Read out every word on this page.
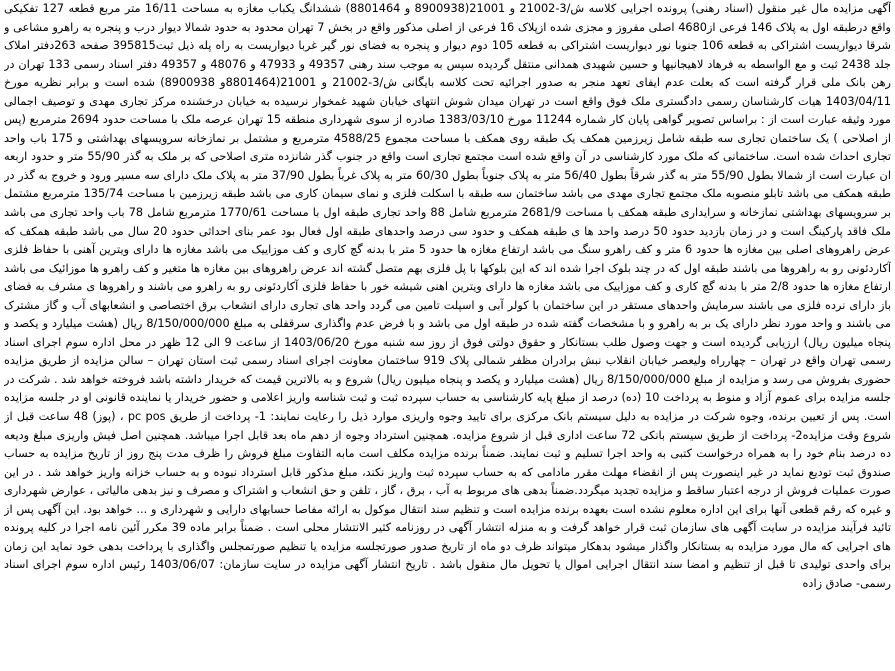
آگهی مزایده مال غیر منقول (اسناد رهنی) پرونده اجرایی کلاسه ش/3-21002 و 21001(8900938 و 8801464) ششدانگ یکباب مغازه به مساحت 16/11 متر مربع قطعه 127 تفکیکی واقع درطبقه اول به پلاک 146 فرعی از4680 اصلی مفروز و مجزی شده ازپلاک 16 فرعی از اصلی مذکور واقع در بخش 7 تهران محدود به حدود شمالا دیوار درب و پنجره به راهرو مشاعی و شرقا دیواریست اشتراکی به قطعه 106 جنوبا نور دیواریست اشتراکی به قطعه 105 دوم دیوار و پنجره به فضای نور گیر غربا دیواریست به راه پله ذیل ثبت395815 صفحه 263دفتر املاک جلد 2438 ثبت و مع الواسطه به فرهاد لاهیجانیها و حسین شهیدی همدانی منتقل گردیده سپس به موجب سند رهنی 49357 و 47933 و 48076 و 49357 دفتر اسناد رسمی 133 تهران در رهن بانک ملی قرار گرفته است که بعلت عدم ایفای تعهد منجر به صدور اجرائیه تحت کلاسه بایگانی ش/3-21002 و 21001(8801464و 8900938) شده است و برابر نظریه مورخ 1403/04/11 هیات کارشناسان رسمی دادگستری ملک فوق واقع است در تهران میدان شوش انتهای خیابان شهید غمخوار نرسیده به خیابان درخشنده مرکز تجاری مهدی و توصیف اجمالی مورد وثیقه عبارت است از : براساس تصویر گواهی پایان کار شماره 11244 مورخ 1383/03/10 صادره از سوی شهرداری منطقه 15 تهران عرصه ملک با مساحت حدود 2694 مترمربع (پس از اصلاحی ) یک ساختمان تجاری سه طبقه شامل زیرزمین همکف یک طبقه روی همکف با مساحت مجموع 4588/25 مترمربع و مشتمل بر نمازخانه سرویسهای بهداشتی و 175 باب واحد تجاری احداث شده است. ساختمانی که ملک مورد کارشناسی در آن واقع شده است مجتمع تجاری است واقع در جنوب گذر شانزده متری اصلاحی که بر ملک به گذر 55/90 متر و حدود اربعه ان عبارت است از شمالا بطول 55/90 متر به گذر شرقاً بطول 56/40 متر به پلاک جنوباً بطول 60/30 متر به پلاک غرباً بطول 37/90 متر به پلاک ملک دارای سه مسیر ورود و خروج به گذر در طبقه همکف می باشد تابلو منصوبه ملک مجتمع تجاری مهدی می باشد ساختمان سه طبقه با اسکلت فلزی و نمای سیمان کاری می باشد طبقه زیرزمین با مساحت 135/74 مترمربع مشتمل بر سرویسهای بهداشتی نمازخانه و سرایداری طبقه همکف با مساحت 2681/9 مترمربع شامل 88 واحد تجاری طبقه اول با مساحت 1770/61 مترمربع شامل 78 باب واحد تجاری می باشد ملک فاقد پارکینگ است و در زمان بازدید حدود 50 درصد واحد ها ی طبقه همکف و حدود سی درصد واحدهای طبقه اول فعال بود عمر بنای احداثی حدود 20 سال می باشد طبقه همکف که عرض راهروهای اصلی بین مغازه ها حدود 6 متر و کف راهرو سنگ می باشد ارتفاع مغازه ها حدود 5 متر با بدنه گچ کاری و کف موزاییک می باشد مغازه ها دارای ویترین آهنی با حفاظ فلزی آکاردئونی رو به راهروها می باشند طبقه اول که در چند بلوک اجرا شده اند که این بلوکها با پل فلزی بهم متصل گشته اند عرض راهروهای بین مغازه ها متغیر و کف راهرو ها موزائیک می باشد ارتفاع مغازه ها حدود 2/8 متر با بدنه گچ کاری و کف موزاییک می باشد مغازه ها دارای ویترین اهنی شیشه خور با حفاظ فلزی آکاردئونی رو به راهرو می باشند و راهروها ی مشرف به فضای باز دارای نرده فلزی می باشند سرمایش واحدهای مستقر در این ساختمان با کولر آبی و اسپلت تامین می گردد واحد های تجاری دارای انشعاب برق اختصاصی و انشعابهای آب و گاز مشترک می باشند و واحد مورد نظر دارای یک بر به راهرو و با مشخصات گفته شده در طبقه اول می باشد و با فرض عدم واگذاری سرقفلی به مبلغ 8/150/000/000 ریال (هشت میلیارد و یکصد و پنجاه میلیون ریال) ارزیابی گردیده است و جهت وصول طلب بستانکار و حقوق دولتی فوق از روز سه شنبه مورخ 1403/06/20 از ساعت 9 الی 12 ظهر در محل اداره سوم اجرای اسناد رسمی تهران واقع در تهران – چهارراه ولیعصر خیابان انقلاب نبش برادران مظفر شمالی پلاک 919 ساختمان معاونت اجرای اسناد رسمی ثبت استان تهران – سالن مزایده از طریق مزایده حضوری بفروش می رسد و مزایده از مبلغ 8/150/000/000 ریال (هشت میلیارد و یکصد و پنجاه میلیون ریال) شروع و به بالاترین قیمت که خریدار داشته باشد فروخته خواهد شد . شرکت در جلسه مزایده برای عموم آزاد و منوط به پرداخت 10 (ده) درصد از مبلغ پایه کارشناسی به حساب سپرده ثبت و ثبت شناسه واریز اعلامی و حضور خریدار یا نماینده قانونی او در جلسه مزایده است. پس از تعیین برنده، وجوه شرکت در مزایده به دلیل سیستم بانک مرکزی برای تایید وجوه واریزی موارد ذیل را رعایت نمایند: 1- پرداخت از طریق pc pos ، (پوز) 48 ساعت قبل از شروع وقت مزایده2- پرداخت از طریق سیستم بانکی 72 ساعت اداری قبل از شروع مزایده. همچنین استرداد وجوه از دهم ماه بعد قابل اجرا میباشد. همچنین اصل فیش واریزی مبلغ ودیعه ده درصد بنام خود را به همراه درخواست کتبی به واحد اجرا تسلیم و ثبت نمایند. ضمناً برنده مزایده مکلف است مابه التفاوت مبلغ فروش را ظرف مدت پنج روز از تاریخ مزایده به حساب صندوق ثبت تودیع نماید در غیر اینصورت پس از انقضاء مهلت مقرر مادامی که به حساب سپرده ثبت واریز نکند، مبلغ مذکور قابل استرداد نبوده و به حساب خزانه واریز خواهد شد . در این صورت عملیات فروش از درجه اعتبار ساقط و مزایده تجدید میگردد.ضمناً بدهی های مربوط به آب ، برق ، گاز ، تلفن و حق انشعاب و اشتراک و مصرف و نیز بدهی مالیاتی ، عوارض شهرداری و غیره که رقم قطعی آنها برای این اداره معلوم نشده است بعهده برنده مزایده است و تنظیم سند انتقال موکول به ارائه مفاصا حسابهای دارایی و شهرداری و ... خواهد بود. این آگهی پس از تائید فرآیند مزایده در سایت آگهی های سازمان ثبت قرار خواهد گرفت و به منزله انتشار آگهی در روزنامه کثیر الانتشار محلی است . ضمناً برابر ماده 39 مکرر آئین نامه اجرا در کلیه پرونده های اجرایی که مال مورد مزایده به بستانکار واگذار میشود بدهکار میتواند ظرف دو ماه از تاریخ صدور صورتجلسه مزایده یا تنظیم صورتمجلس واگذاری با پرداخت بدهی خود نماید این زمان برای واحدی تولیدی تا قبل از تنظیم و امضا سند انتقال اجرایی اموال یا تحویل مال منقول باشد . تاریخ انتشار آگهی مزایده در سایت سازمان: 1403/06/07 رئیس اداره سوم اجرای اسناد رسمی- صادق زاده
